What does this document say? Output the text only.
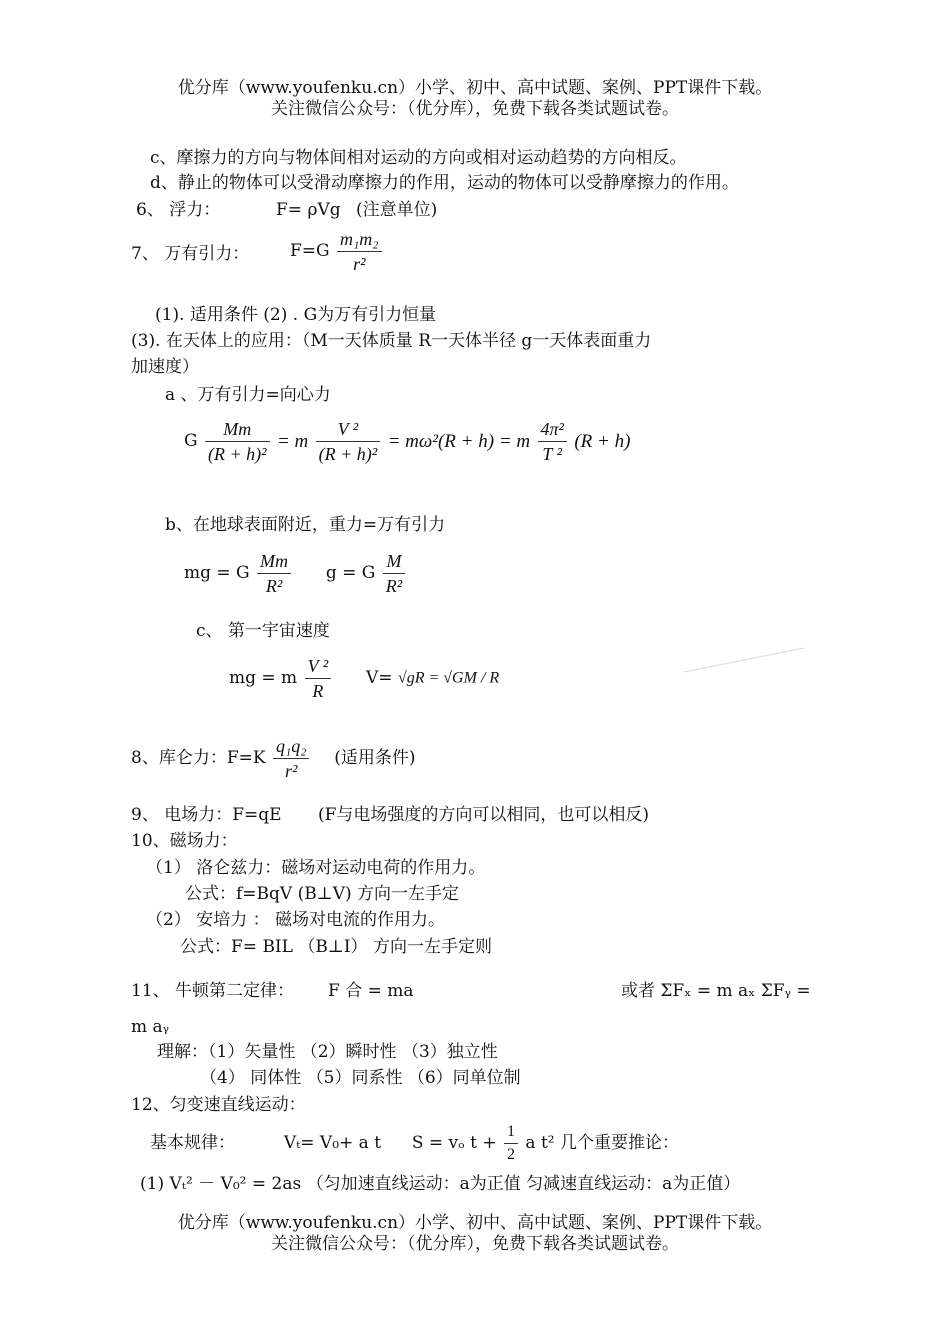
优分库（www.youfenku.cn）小学、初中、高中试题、案例、PPT课件下载。
关注微信公众号：（优分库），免费下载各类试题试卷。
c、摩擦力的方向与物体间相对运动的方向或相对运动趋势的方向相反。
d、静止的物体可以受滑动摩擦力的作用，运动的物体可以受静摩擦力的作用。
6、 浮力：	F= ρVg (注意单位)
7、 万有引力： $F=G \frac{\text{m₁m₂}}{\text{r²}}$
(1). 适用条件 (2) . G为万有引力恒量
(3). 在天体上的应用：（M一天体质量 R一天体半径 g一天体表面重力
加速度）
a 、万有引力=向心力
G $\frac{Mm}{\text{(R + h)²}} = m \frac{\text{V ²}}{\text{(R + h)²}} = m\omega^2(R + h) = m \frac{\text{4π²}}{\text{T ²}} (R + h)$
b、在地球表面附近，重力=万有引力
mg = G $\frac{Mm}{\text{R²}}$ g = G $\frac{M}{\text{R²}}$
c、 第一宇宙速度
mg = m $\frac{\text{V ²}}{R} V= √gR = √GM / R$
8、库仑力：$F=K \frac{\text{q₁q₂}}{\text{r²}}$ (适用条件)
9、 电场力：F=qE (F与电场强度的方向可以相同，也可以相反)
10、磁场力：
（1） 洛仑兹力：磁场对运动电荷的作用力。
公式：f=BqV (B⊥V) 方向一左手定
（2） 安培力 ： 磁场对电流的作用力。
公式：F= BIL （B⊥I） 方向一左手定则
11、 牛顿第二定律： F 合 = ma	或者 ΣFₓ = m aₓ ΣFᵧ =
m aᵧ
理解：（1）矢量性 （2）瞬时性 （3）独立性
（4） 同体性 （5）同系性 （6）同单位制
12、匀变速直线运动：
基本规律：	Vₜ= V₀+ a t S = vₒ $t + \frac{1}{2}$ a t² 几个重要推论：
(1) Vₜ² － V₀² = 2as （匀加速直线运动：a为正值 匀减速直线运动：a为正值）
优分库（www.youfenku.cn）小学、初中、高中试题、案例、PPT课件下载。
关注微信公众号：（优分库），免费下载各类试题试卷。
